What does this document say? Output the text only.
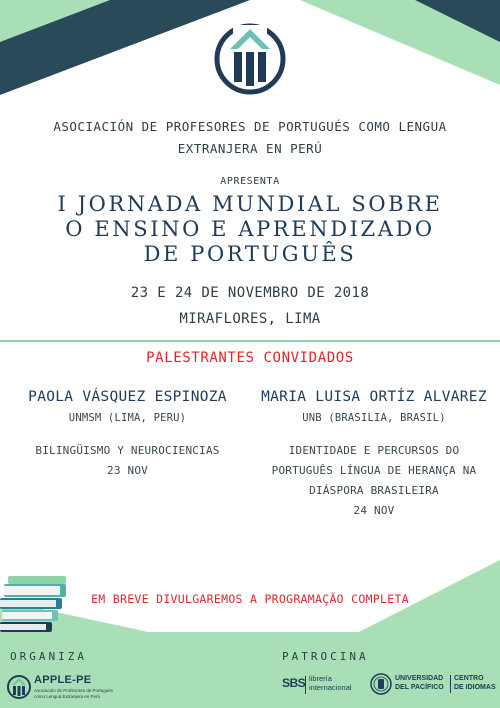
ASOCIACIÓN DE PROFESORES DE PORTUGUÉS COMO LENGUA
EXTRANJERA EN PERÚ
APRESENTA
I JORNADA MUNDIAL SOBRE
O ENSINO E APRENDIZADO
DE PORTUGUÊS
23 E 24 DE NOVEMBRO DE 2018
MIRAFLORES, LIMA
PALESTRANTES CONVIDADOS
PAOLA VÁSQUEZ ESPINOZA
UNMSM (LIMA, PERU)
BILINGÜISMO Y NEUROCIENCIAS
23 NOV
MARIA LUISA ORTÍZ ALVAREZ
UNB (BRASILIA, BRASIL)
IDENTIDADE E PERCURSOS DO
PORTUGUÊS LÍNGUA DE HERANÇA NA
DIÁSPORA BRASILEIRA
24 NOV
EM BREVE DIVULGAREMOS A PROGRAMAÇÃO COMPLETA
ORGANIZA	PATROCINA
APPLE-PE
Asociación de Profesores de Portugués como Lengua Extranjera en Perú
SBS librería
internacional
UNIVERSIDAD
DEL PACÍFICO
CENTRO
DE IDIOMAS
